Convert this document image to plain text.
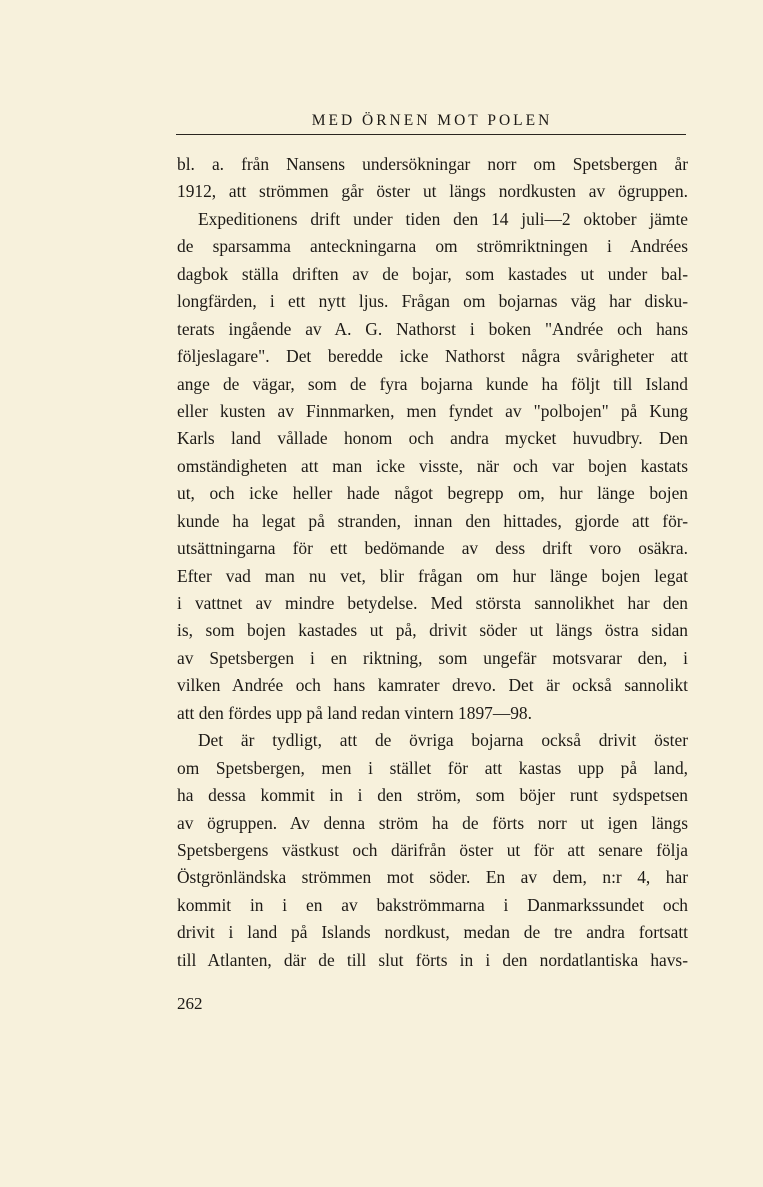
MED ÖRNEN MOT POLEN
bl. a. från Nansens undersökningar norr om Spetsbergen år
1912, att strömmen går öster ut längs nordkusten av ögruppen.
Expeditionens drift under tiden den 14 juli—2 oktober jämte
de sparsamma anteckningarna om strömriktningen i Andrées
dagbok ställa driften av de bojar, som kastades ut under bal-
longfärden, i ett nytt ljus. Frågan om bojarnas väg har disku-
terats ingående av A. G. Nathorst i boken "Andrée och hans
följeslagare". Det beredde icke Nathorst några svårigheter att
ange de vägar, som de fyra bojarna kunde ha följt till Island
eller kusten av Finnmarken, men fyndet av "polbojen" på Kung
Karls land vållade honom och andra mycket huvudbry. Den
omständigheten att man icke visste, när och var bojen kastats
ut, och icke heller hade något begrepp om, hur länge bojen
kunde ha legat på stranden, innan den hittades, gjorde att för-
utsättningarna för ett bedömande av dess drift voro osäkra.
Efter vad man nu vet, blir frågan om hur länge bojen legat
i vattnet av mindre betydelse. Med största sannolikhet har den
is, som bojen kastades ut på, drivit söder ut längs östra sidan
av Spetsbergen i en riktning, som ungefär motsvarar den, i
vilken Andrée och hans kamrater drevo. Det är också sannolikt
att den fördes upp på land redan vintern 1897—98.
Det är tydligt, att de övriga bojarna också drivit öster
om Spetsbergen, men i stället för att kastas upp på land,
ha dessa kommit in i den ström, som böjer runt sydspetsen
av ögruppen. Av denna ström ha de förts norr ut igen längs
Spetsbergens västkust och därifrån öster ut för att senare följa
Östgrönländska strömmen mot söder. En av dem, n:r 4, har
kommit in i en av bakströmmarna i Danmarkssundet och
drivit i land på Islands nordkust, medan de tre andra fortsatt
till Atlanten, där de till slut förts in i den nordatlantiska havs-
262
